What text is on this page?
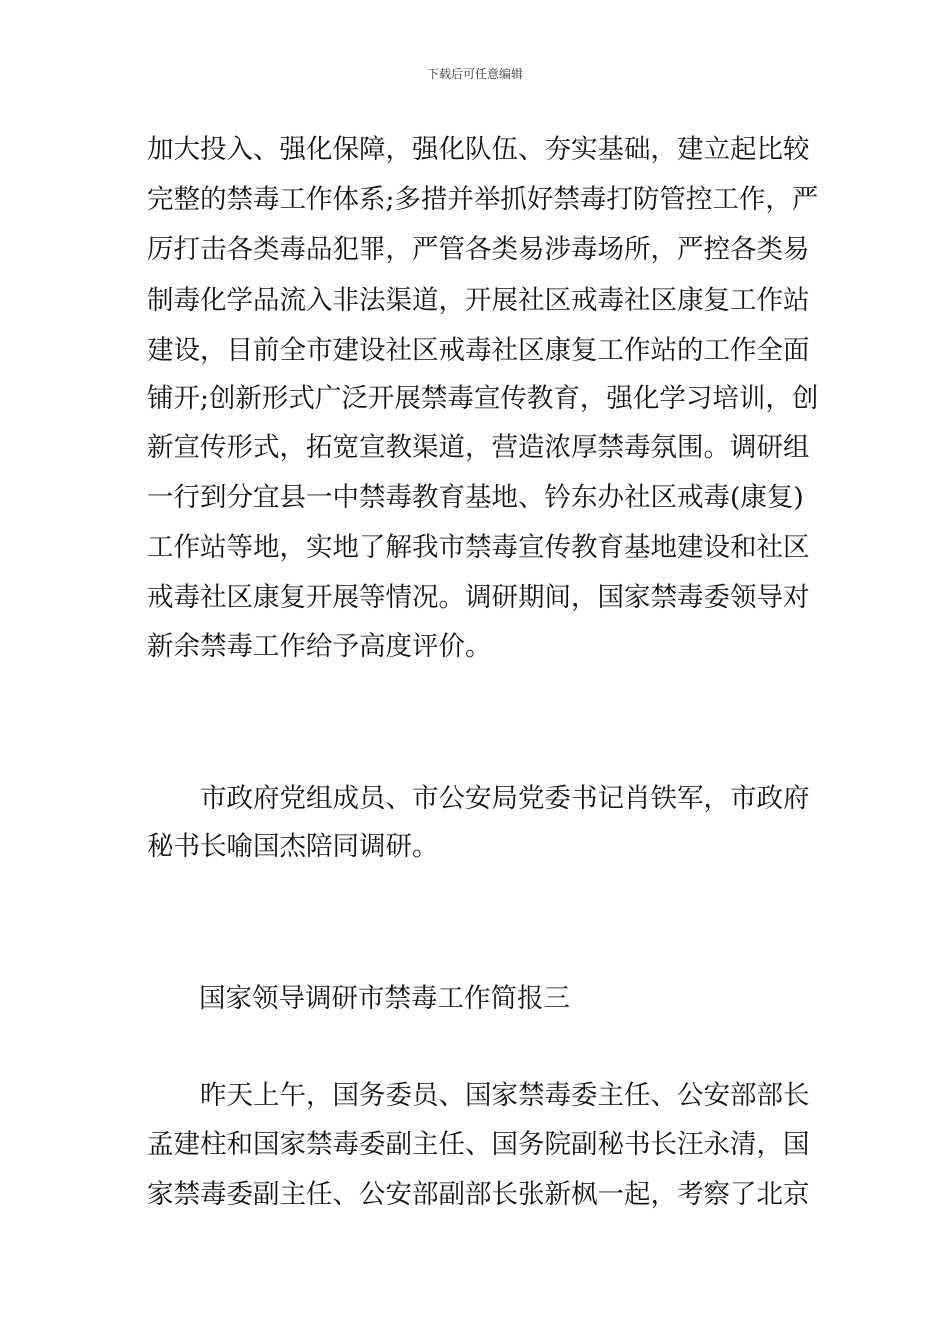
下载后可任意编辑
加大投入、强化保障，强化队伍、夯实基础，建立起比较
完整的禁毒工作体系;多措并举抓好禁毒打防管控工作，严
厉打击各类毒品犯罪，严管各类易涉毒场所，严控各类易
制毒化学品流入非法渠道，开展社区戒毒社区康复工作站
建设，目前全市建设社区戒毒社区康复工作站的工作全面
铺开;创新形式广泛开展禁毒宣传教育，强化学习培训，创
新宣传形式，拓宽宣教渠道，营造浓厚禁毒氛围。调研组
一行到分宜县一中禁毒教育基地、钤东办社区戒毒(康复)
工作站等地，实地了解我市禁毒宣传教育基地建设和社区
戒毒社区康复开展等情况。调研期间，国家禁毒委领导对
新余禁毒工作给予高度评价。
市政府党组成员、市公安局党委书记肖铁军，市政府
秘书长喻国杰陪同调研。
国家领导调研市禁毒工作简报三
昨天上午，国务委员、国家禁毒委主任、公安部部长
孟建柱和国家禁毒委副主任、国务院副秘书长汪永清，国
家禁毒委副主任、公安部副部长张新枫一起，考察了北京
